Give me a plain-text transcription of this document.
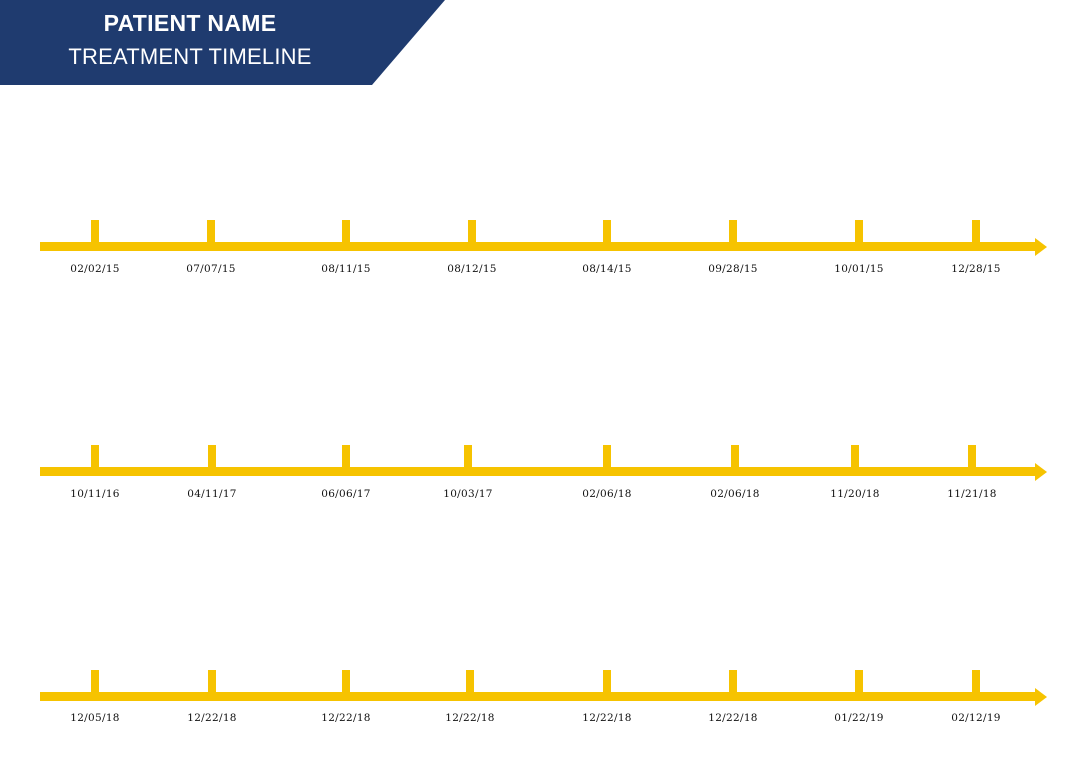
PATIENT NAME
TREATMENT TIMELINE
02/02/15	07/07/15	08/11/15	08/12/15	08/14/15	09/28/15	10/01/15	12/28/15
10/11/16	04/11/17	06/06/17	10/03/17	02/06/18	02/06/18	11/20/18	11/21/18
12/05/18	12/22/18	12/22/18	12/22/18	12/22/18	12/22/18	01/22/19	02/12/19
